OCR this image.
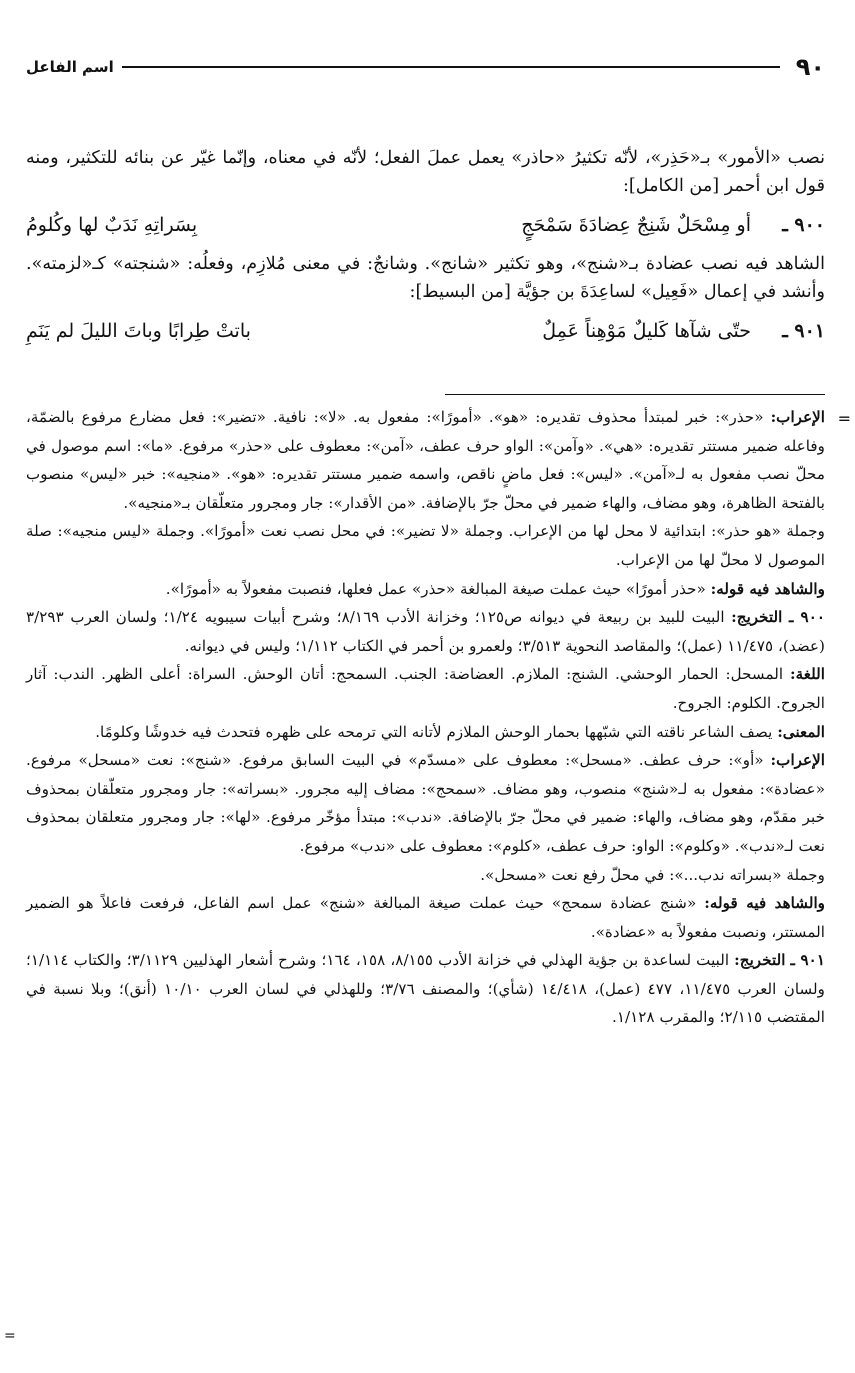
٩٠
اسم الفاعل

نصب «الأمور» بـ«حَذِر»، لأنّه تكثيرُ «حاذر» يعمل عملَ الفعل؛ لأنّه في معناه، وإنّما غيّر عن بنائه للتكثير، ومنه قول ابن أحمر [من الكامل]:

٩٠٠ ـ
أو مِسْحَلٌ شَنِجٌ عِضادَةَ سَمْحَجٍ
بِسَراتِهِ نَدَبٌ لها وكُلومُ

الشاهد فيه نصب عضادة بـ«شنج»، وهو تكثير «شانج». وشانجٌ: في معنى مُلازِم، وفعلُه: «شنجته» كـ«لزمته». وأنشد في إعمال «فَعِيل» لساعِدَةَ بن جؤيَّة [من البسيط]:

٩٠١ ـ
حتّى شآها كَليلٌ مَوْهِناً عَمِلٌ
باتتْ طِرابًا وباتَ الليلَ لم يَنَمِ
=

الإعراب: «حذر»: خبر لمبتدأ محذوف تقديره: «هو». «أمورًا»: مفعول به. «لا»: نافية. «تضير»: فعل مضارع مرفوع بالضمّة، وفاعله ضمير مستتر تقديره: «هي». «وآمن»: الواو حرف عطف، «آمن»: معطوف على «حذر» مرفوع. «ما»: اسم موصول في محلّ نصب مفعول به لـ«آمن». «ليس»: فعل ماضٍ ناقص، واسمه ضمير مستتر تقديره: «هو». «منجيه»: خبر «ليس» منصوب بالفتحة الظاهرة، وهو مضاف، والهاء ضمير في محلّ جرّ بالإضافة. «من الأقدار»: جار ومجرور متعلّقان بـ«منجيه».

وجملة «هو حذر»: ابتدائية لا محل لها من الإعراب. وجملة «لا تضير»: في محل نصب نعت «أمورًا». وجملة «ليس منجيه»: صلة الموصول لا محلّ لها من الإعراب.

والشاهد فيه قوله: «حذر أمورًا» حيث عملت صيغة المبالغة «حذر» عمل فعلها، فنصبت مفعولاً به «أمورًا».

٩٠٠ ـ التخريج: البيت للبيد بن ربيعة في ديوانه ص١٢٥؛ وخزانة الأدب ٨/١٦٩؛ وشرح أبيات سيبويه ١/٢٤؛ ولسان العرب ٣/٢٩٣ (عضد)، ١١/٤٧٥ (عمل)؛ والمقاصد النحوية ٣/٥١٣؛ ولعمرو بن أحمر في الكتاب ١/١١٢؛ وليس في ديوانه.

اللغة: المسحل: الحمار الوحشي. الشنج: الملازم. العضاضة: الجنب. السمحج: أتان الوحش. السراة: أعلى الظهر. الندب: آثار الجروح. الكلوم: الجروح.

المعنى: يصف الشاعر ناقته التي شبّهها بحمار الوحش الملازم لأتانه التي ترمحه على ظهره فتحدث فيه خدوشًا وكلومًا.

الإعراب: «أو»: حرف عطف. «مسحل»: معطوف على «مسدّم» في البيت السابق مرفوع. «شنج»: نعت «مسحل» مرفوع. «عضادة»: مفعول به لـ«شنج» منصوب، وهو مضاف. «سمحج»: مضاف إليه مجرور. «بسراته»: جار ومجرور متعلّقان بمحذوف خبر مقدّم، وهو مضاف، والهاء: ضمير في محلّ جرّ بالإضافة. «ندب»: مبتدأ مؤخّر مرفوع. «لها»: جار ومجرور متعلقان بمحذوف نعت لـ«ندب». «وكلوم»: الواو: حرف عطف، «كلوم»: معطوف على «ندب» مرفوع.

وجملة «بسراته ندب...»: في محلّ رفع نعت «مسحل».

والشاهد فيه قوله: «شنج عضادة سمحج» حيث عملت صيغة المبالغة «شنج» عمل اسم الفاعل، فرفعت فاعلاً هو الضمير المستتر، ونصبت مفعولاً به «عضادة».

٩٠١ ـ التخريج: البيت لساعدة بن جؤية الهذلي في خزانة الأدب ٨/١٥٥، ١٥٨، ١٦٤؛ وشرح أشعار الهذليين ٣/١١٢٩؛ والكتاب ١/١١٤؛ ولسان العرب ١١/٤٧٥، ٤٧٧ (عمل)، ١٤/٤١٨ (شأي)؛ والمصنف ٣/٧٦؛ وللهذلي في لسان العرب ١٠/١٠ (أنق)؛ وبلا نسبة في المقتضب ٢/١١٥؛ والمقرب ١/١٢٨.

=
